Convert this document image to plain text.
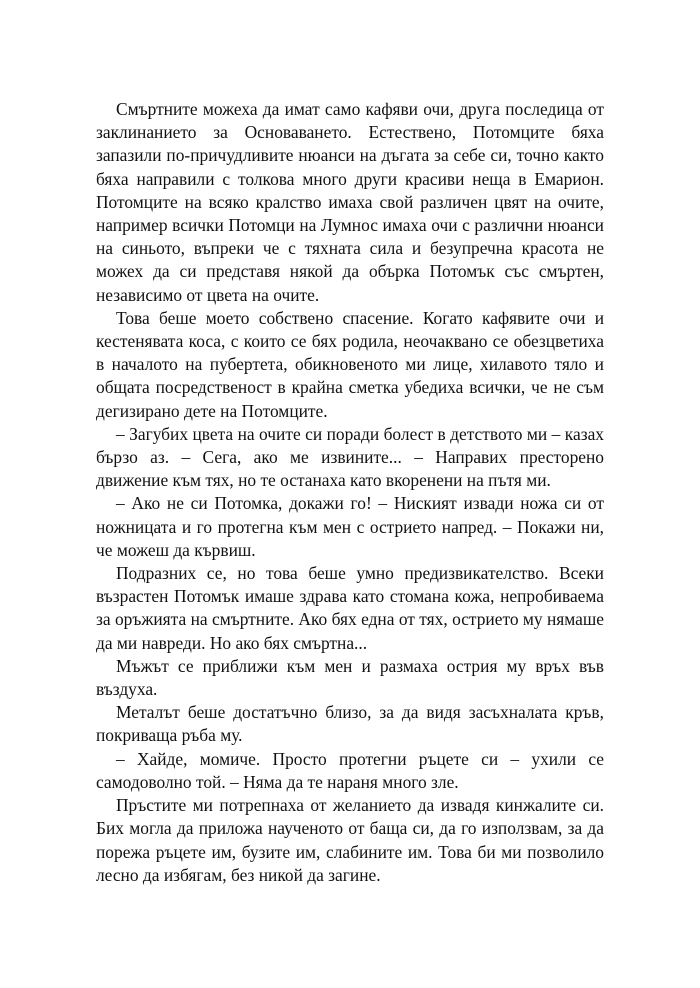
Смъртните можеха да имат само кафяви очи, друга последица от заклинанието за Основаването. Естествено, Потомците бяха запазили по-причудливите нюанси на дъгата за себе си, точно както бяха направили с толкова много други красиви неща в Емарион. Потомците на всяко кралство имаха свой различен цвят на очите, например всички Потомци на Лумнос имаха очи с различни нюанси на синьото, въпреки че с тяхната сила и безупречна красота не можех да си представя някой да обърка Потомък със смъртен, независимо от цвета на очите.

Това беше моето собствено спасение. Когато кафявите очи и кестенявата коса, с които се бях родила, неочаквано се обезцветиха в началото на пубертета, обикновеното ми лице, хилавото тяло и общата посредственост в крайна сметка убедиха всички, че не съм дегизирано дете на Потомците.

– Загубих цвета на очите си поради болест в детството ми – казах бързо аз. – Сега, ако ме извините... – Направих престорено движение към тях, но те останаха като вкоренени на пътя ми.

– Ако не си Потомка, докажи го! – Ниският извади ножа си от ножницата и го протегна към мен с острието напред. – Покажи ни, че можеш да кървиш.

Подразних се, но това беше умно предизвикателство. Всеки възрастен Потомък имаше здрава като стомана кожа, непробиваема за оръжията на смъртните. Ако бях една от тях, острието му нямаше да ми навреди. Но ако бях смъртна...

Мъжът се приближи към мен и размаха острия му връх във въздуха.

Металът беше достатъчно близо, за да видя засъхналата кръв, покриваща ръба му.

– Хайде, момиче. Просто протегни ръцете си – ухили се самодоволно той. – Няма да те нараня много зле.

Пръстите ми потрепнаха от желанието да извадя кинжалите си. Бих могла да приложа наученото от баща си, да го използвам, за да порежа ръцете им, бузите им, слабините им. Това би ми позволило лесно да избягам, без никой да загине.
